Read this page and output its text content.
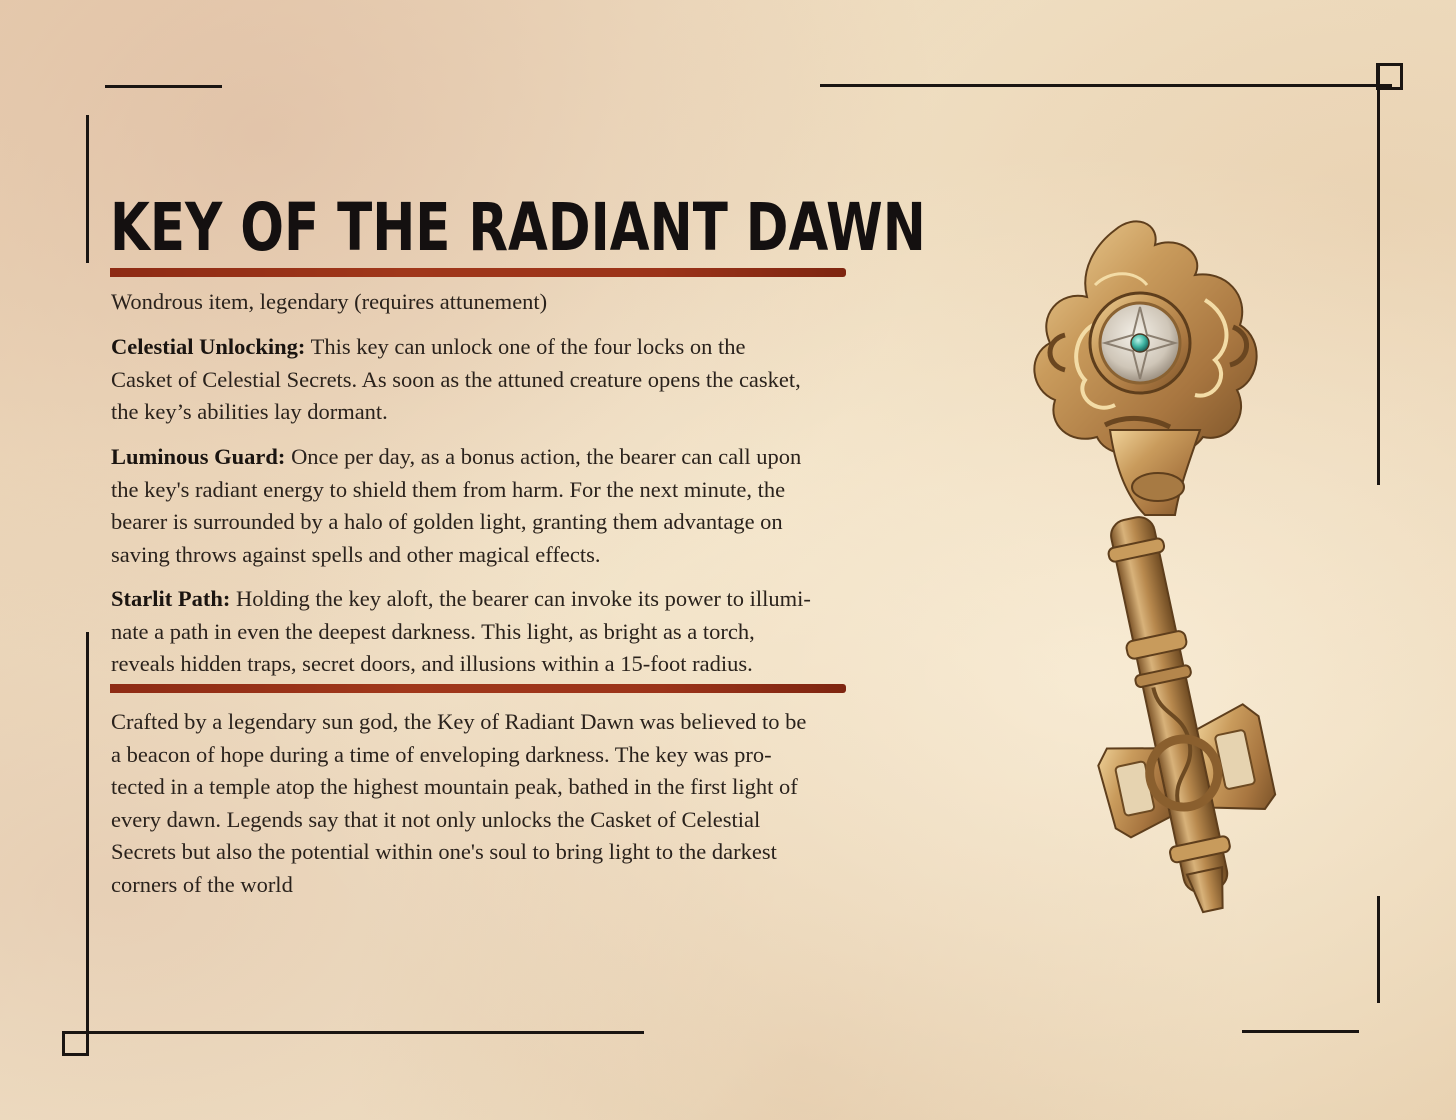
KEY OF THE RADIANT DAWN
Wondrous item, legendary (requires attunement)
Celestial Unlocking: This key can unlock one of the four locks on the
Casket of Celestial Secrets. As soon as the attuned creature opens the casket,
the key’s abilities lay dormant.
Luminous Guard: Once per day, as a bonus action, the bearer can call upon
the key's radiant energy to shield them from harm. For the next minute, the
bearer is surrounded by a halo of golden light, granting them advantage on
saving throws against spells and other magical effects.
Starlit Path: Holding the key aloft, the bearer can invoke its power to illumi-
nate a path in even the deepest darkness. This light, as bright as a torch,
reveals hidden traps, secret doors, and illusions within a 15-foot radius.
Crafted by a legendary sun god, the Key of Radiant Dawn was believed to be
a beacon of hope during a time of enveloping darkness. The key was pro-
tected in a temple atop the highest mountain peak, bathed in the first light of
every dawn. Legends say that it not only unlocks the Casket of Celestial
Secrets but also the potential within one's soul to bring light to the darkest
corners of the world
